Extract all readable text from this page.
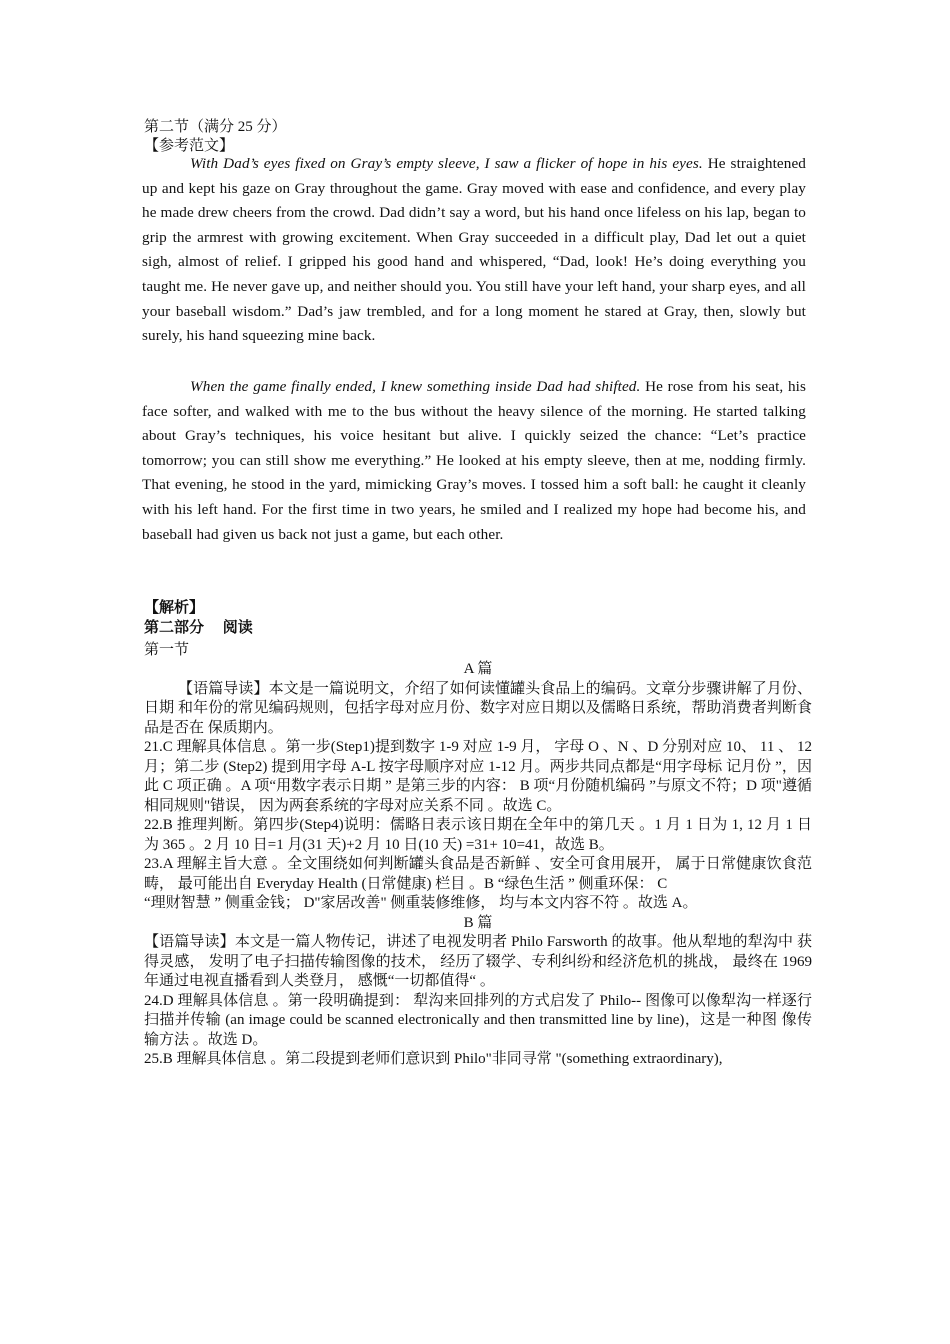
第二节（满分 25 分）
【参考范文】
With Dad’s eyes fixed on Gray’s empty sleeve, I saw a flicker of hope in his eyes. He straightened up and kept his gaze on Gray throughout the game. Gray moved with ease and confidence, and every play he made drew cheers from the crowd. Dad didn’t say a word, but his hand once lifeless on his lap, began to grip the armrest with growing excitement. When Gray succeeded in a difficult play, Dad let out a quiet sigh, almost of relief. I gripped his good hand and whispered, “Dad, look! He’s doing everything you taught me. He never gave up, and neither should you. You still have your left hand, your sharp eyes, and all your baseball wisdom.” Dad’s jaw trembled, and for a long moment he stared at Gray, then, slowly but surely, his hand squeezing mine back.
When the game finally ended, I knew something inside Dad had shifted. He rose from his seat, his face softer, and walked with me to the bus without the heavy silence of the morning. He started talking about Gray’s techniques, his voice hesitant but alive. I quickly seized the chance: “Let’s practice tomorrow; you can still show me everything.” He looked at his empty sleeve, then at me, nodding firmly. That evening, he stood in the yard, mimicking Gray’s moves. I tossed him a soft ball: he caught it cleanly with his left hand. For the first time in two years, he smiled and I realized my hope had become his, and baseball had given us back not just a game, but each other.
【解析】
第二部分　 阅读
第一节

A 篇

【语篇导读】本文是一篇说明文，介绍了如何读懂罐头食品上的编码。文章分步骤讲解了月份、日期 和年份的常见编码规则，包括字母对应月份、数字对应日期以及儒略日系统，帮助消费者判断食品是否在 保质期内。

21.C 理解具体信息 。第一步(Step1)提到数字 1-9 对应 1-9 月， 字母 O 、N 、D 分别对应 10、 11 、 12 月；第二步 (Step2) 提到用字母 A-L 按字母顺序对应 1-12 月。两步共同点都是“用字母标 记月份 ”，因此 C 项正确 。A 项“用数字表示日期 ” 是第三步的内容： B 项“月份随机编码 ”与原文不符；D 项"遵循相同规则"错误， 因为两套系统的字母对应关系不同 。故选 C。

22.B 推理判断。第四步(Step4)说明：儒略日表示该日期在全年中的第几天 。1 月 1 日为 1, 12 月 1 日为 365 。2 月 10 日=1 月(31 天)+2 月 10 日(10 天) =31+ 10=41，故选 B。

23.A 理解主旨大意 。全文围绕如何判断罐头食品是否新鲜 、安全可食用展开， 属于日常健康饮食范畴， 最可能出自 Everyday Health (日常健康) 栏目 。B “绿色生活 ” 侧重环保： C

“理财智慧 ” 侧重金钱； D"家居改善" 侧重装修维修， 均与本文内容不符 。故选 A。

B 篇

【语篇导读】本文是一篇人物传记，讲述了电视发明者 Philo Farsworth 的故事。他从犁地的犁沟中 获得灵感， 发明了电子扫描传输图像的技术， 经历了辍学、专利纠纷和经济危机的挑战， 最终在 1969 年通过电视直播看到人类登月， 感慨“一切都值得“ 。

24.D 理解具体信息 。第一段明确提到： 犁沟来回排列的方式启发了 Philo-- 图像可以像犁沟一样逐行 扫描并传输 (an image could be scanned electronically and then transmitted line by line)，这是一种图 像传输方法 。故选 D。

25.B 理解具体信息 。第二段提到老师们意识到 Philo"非同寻常 "(something extraordinary),
